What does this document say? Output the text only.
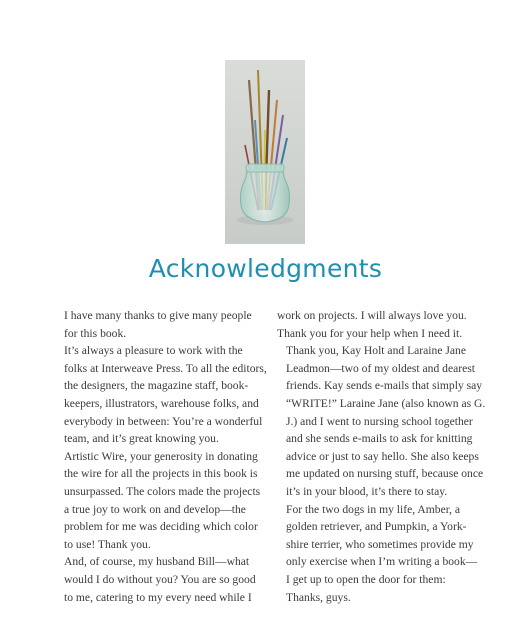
Acknowledgments

I have many thanks to give many people
for this book.

It’s always a pleasure to work with the
folks at Interweave Press. To all the editors,
the designers, the magazine staff, book-
keepers, illustrators, warehouse folks, and
everybody in between: You’re a wonderful
team, and it’s great knowing you.

Artistic Wire, your generosity in donating
the wire for all the projects in this book is
unsurpassed. The colors made the projects
a true joy to work on and develop—the
problem for me was deciding which color
to use! Thank you.

And, of course, my husband Bill—what
would I do without you? You are so good
to me, catering to my every need while I

work on projects. I will always love you.
Thank you for your help when I need it.

Thank you, Kay Holt and Laraine Jane
Leadmon—two of my oldest and dearest
friends. Kay sends e-mails that simply say
“WRITE!” Laraine Jane (also known as G.
J.) and I went to nursing school together
and she sends e-mails to ask for knitting
advice or just to say hello. She also keeps
me updated on nursing stuff, because once
it’s in your blood, it’s there to stay.

For the two dogs in my life, Amber, a
golden retriever, and Pumpkin, a York-
shire terrier, who sometimes provide my
only exercise when I’m writing a book—
I get up to open the door for them:
Thanks, guys.
